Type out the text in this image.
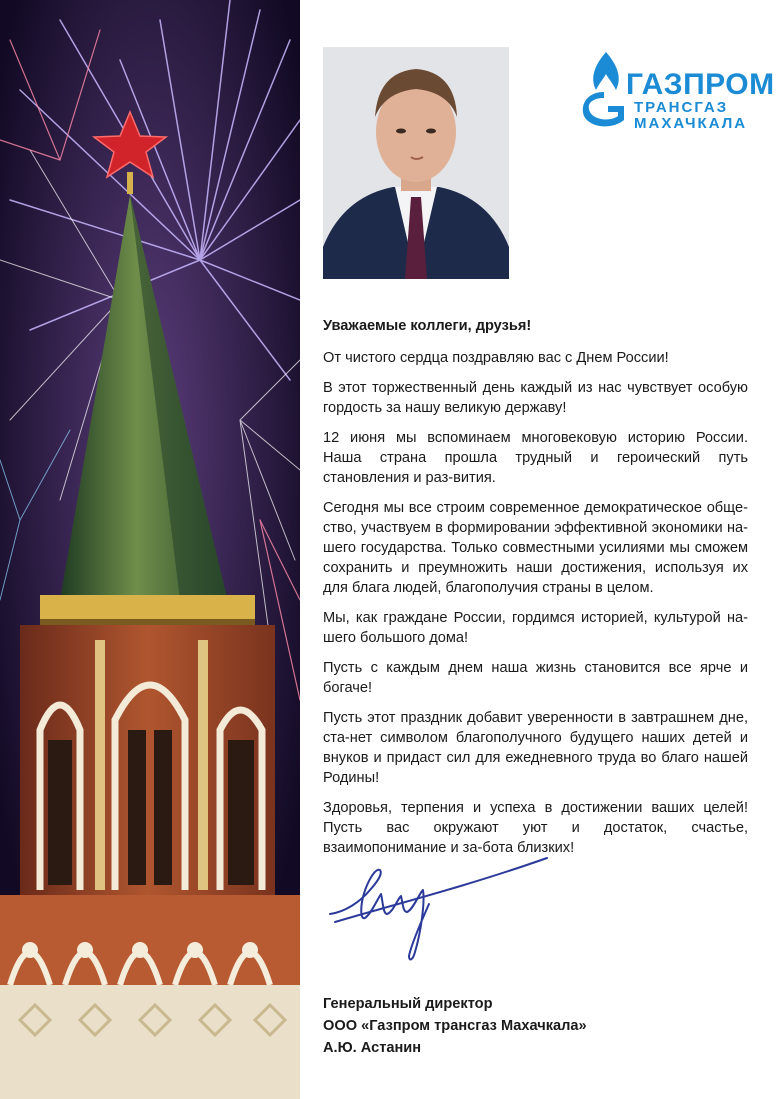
ГАЗПРОМ
ТРАНСГАЗ
МАХАЧКАЛА

Уважаемые коллеги, друзья!

От чистого сердца поздравляю вас с Днем России!

В этот торжественный день каждый из нас чувствует особую гордость за нашу великую державу!

12 июня мы вспоминаем многовековую историю России. Наша страна прошла трудный и героический путь становления и раз-вития.

Сегодня мы все строим современное демократическое обще-ство, участвуем в формировании эффективной экономики на-шего государства. Только совместными усилиями мы сможем сохранить и преумножить наши достижения, используя их для блага людей, благополучия страны в целом.

Мы, как граждане России, гордимся историей, культурой на-шего большого дома!

Пусть с каждым днем наша жизнь становится все ярче и богаче!

Пусть этот праздник добавит уверенности в завтрашнем дне, ста-нет символом благополучного будущего наших детей и внуков и придаст сил для ежедневного труда во благо нашей Родины!

Здоровья, терпения и успеха в достижении ваших целей! Пусть вас окружают уют и достаток, счастье, взаимопонимание и за-бота близких!

Генеральный директор
ООО «Газпром трансгаз Махачкала»
А.Ю. Астанин
